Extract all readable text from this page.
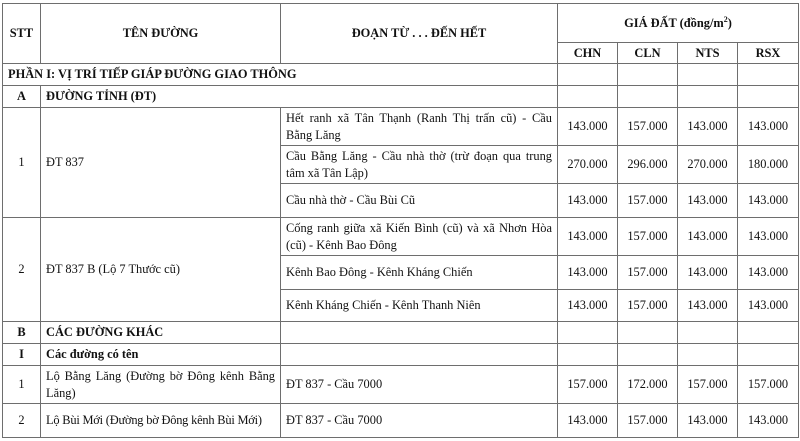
STT	TÊN ĐƯỜNG	ĐOẠN TỪ . . . ĐẾN HẾT	GIÁ ĐẤT $(đồng/m^2)$			
			CHN	CLN	NTS	RSX
PHẦN I: VỊ TRÍ TIẾP GIÁP ĐƯỜNG GIAO THÔNG						
A	ĐƯỜNG TỈNH (ĐT)					
1	ĐT 837	Hết ranh xã Tân Thạnh (Ranh Thị trấn cũ) - Cầu Bằng Lăng	143.000	157.000	143.000	143.000
		Cầu Bằng Lăng - Cầu nhà thờ (trừ đoạn qua trung tâm xã Tân Lập)	270.000	296.000	270.000	180.000
		Cầu nhà thờ - Cầu Bùi Cũ	143.000	157.000	143.000	143.000
2	ĐT 837 B (Lộ 7 Thước cũ)	Cống ranh giữa xã Kiến Bình (cũ) và xã Nhơn Hòa (cũ) - Kênh Bao Đông	143.000	157.000	143.000	143.000
		Kênh Bao Đông - Kênh Kháng Chiến	143.000	157.000	143.000	143.000
		Kênh Kháng Chiến - Kênh Thanh Niên	143.000	157.000	143.000	143.000
B	CÁC ĐƯỜNG KHÁC					
I	Các đường có tên					
1	Lộ Bằng Lăng (Đường bờ Đông kênh Bằng Lăng)	ĐT 837 - Cầu 7000	157.000	172.000	157.000	157.000
2	Lộ Bùi Mới (Đường bờ Đông kênh Bùi Mới)	ĐT 837 - Cầu 7000	143.000	157.000	143.000	143.000
